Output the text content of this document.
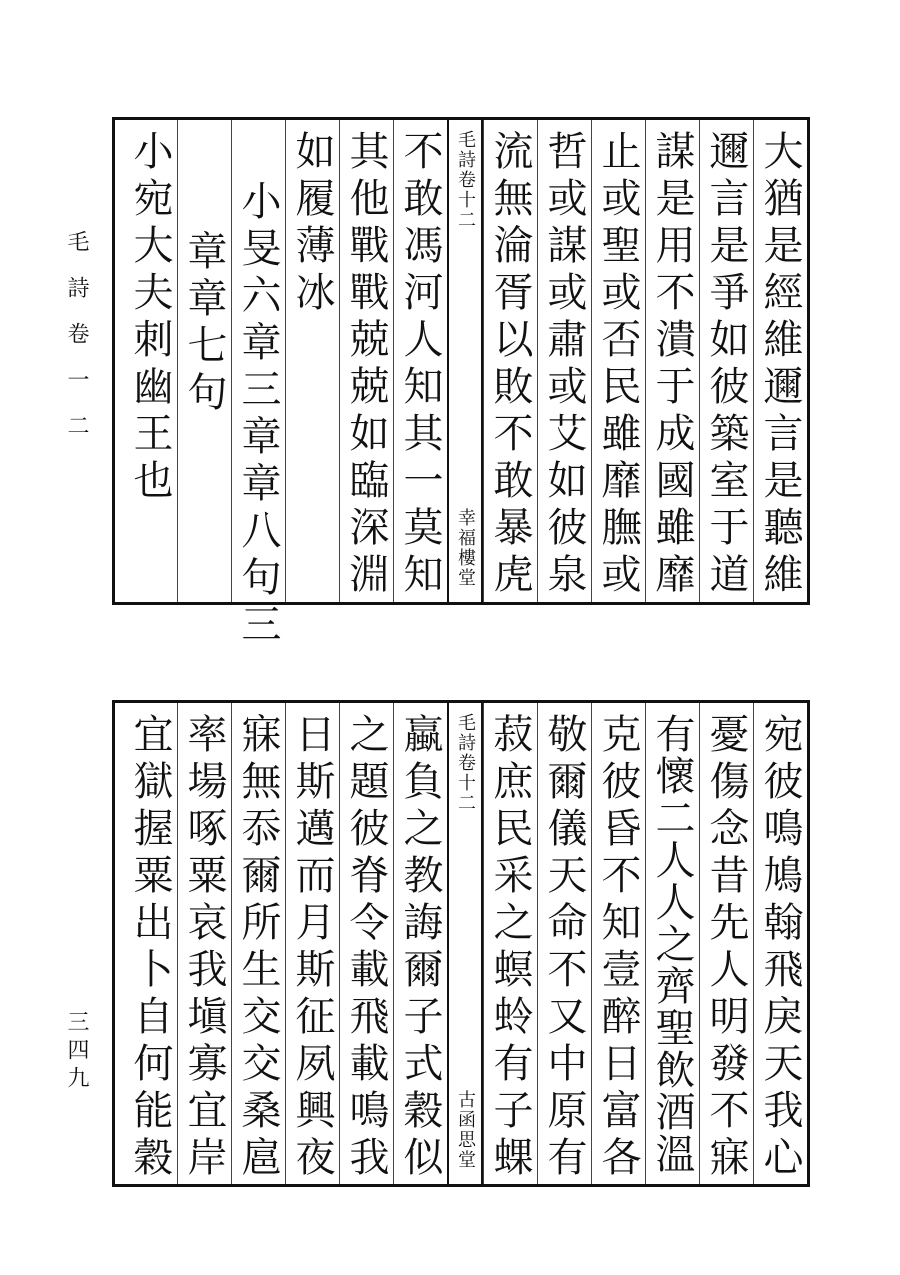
毛詩卷一二
三四九
大猶是經維邇言是聽維
邇言是爭如彼築室于道
謀是用不潰于成國雖靡
止或聖或否民雖靡膴或
哲或謀或肅或艾如彼泉
流無淪胥以敗不敢暴虎
毛詩卷十二
幸福樓堂
不敢馮河人知其一莫知
其他戰戰兢兢如臨深淵
如履薄冰
小旻六章三章章八句三
章章七句
小宛大夫刺幽王也
宛彼鳴鳩翰飛戾天我心
憂傷念昔先人明發不寐
有懷二人人之齊聖飲酒溫
克彼昏不知壹醉日富各
敬爾儀天命不又中原有
菽庶民采之螟蛉有子蜾
毛詩卷十二
古函思堂
蠃負之教誨爾子式穀似
之題彼脊令載飛載鳴我
日斯邁而月斯征夙興夜
寐無忝爾所生交交桑扈
率場啄粟哀我塡寡宜岸
宜獄握粟出卜自何能穀
